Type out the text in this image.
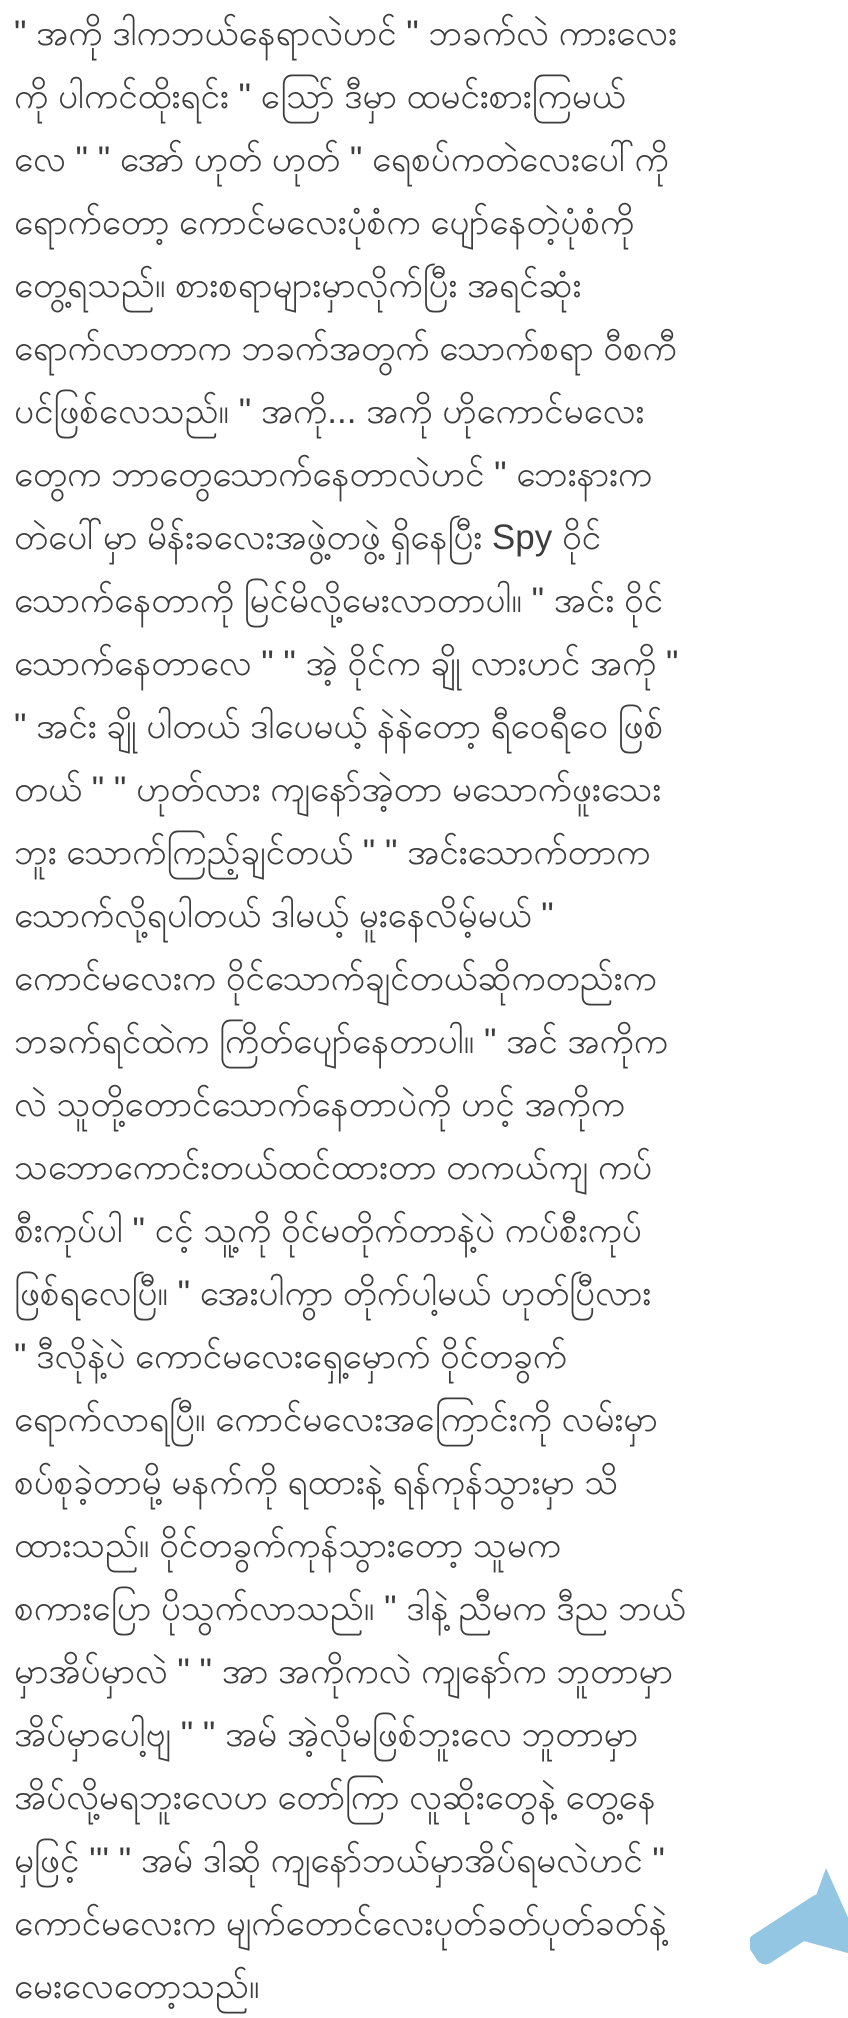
" အကို ဒါကဘယ်နေရာလဲဟင် " ဘခက်လဲ ကားလေး
ကို ပါကင်ထိုးရင်း " ဩော် ဒီမှာ ထမင်းစားကြမယ်
လေ " " အော် ဟုတ် ဟုတ် " ရေစပ်ကတဲလေးပေါ်ကို
ရောက်တော့ ကောင်မလေးပုံစံက ပျော်နေတဲ့ပုံစံကို
တွေ့ရသည်။ စားစရာများမှာလိုက်ပြီး အရင်ဆုံး
ရောက်လာတာက ဘခက်အတွက် သောက်စရာ ဝီစကီ
ပင်ဖြစ်လေသည်။ " အကို... အကို ဟိုကောင်မလေး
တွေက ဘာတွေသောက်နေတာလဲဟင် " ဘေးနားက
တဲပေါ်မှာ မိန်းခလေးအဖွဲ့တဖွဲ့ ရှိနေပြီး Spy ဝိုင်
သောက်နေတာကို မြင်မိလို့မေးလာတာပါ။ " အင်း ဝိုင်
သောက်နေတာလေ " " အဲ့ ဝိုင်က ချို လားဟင် အကို "
" အင်း ချို ပါတယ် ဒါပေမယ့် နဲနဲတော့ ရီဝေရီဝေ ဖြစ်
တယ် " " ဟုတ်လား ကျနော်အဲ့တာ မသောက်ဖူးသေး
ဘူး သောက်ကြည့်ချင်တယ် " " အင်းသောက်တာက
သောက်လို့ရပါတယ် ဒါမယ့် မူးနေလိမ့်မယ် "
ကောင်မလေးက ဝိုင်သောက်ချင်တယ်ဆိုကတည်းက
ဘခက်ရင်ထဲက ကြိတ်ပျော်နေတာပါ။ " အင် အကိုက
လဲ သူတို့တောင်သောက်နေတာပဲကို ဟင့် အကိုက
သဘောကောင်းတယ်ထင်ထားတာ တကယ်ကျ ကပ်
စီးကုပ်ပါ " ငင့် သူ့ကို ဝိုင်မတိုက်တာနဲ့ပဲ ကပ်စီးကုပ်
ဖြစ်ရလေပြီ။ " အေးပါကွာ တိုက်ပါ့မယ် ဟုတ်ပြီလား
" ဒီလိုနဲ့ပဲ ကောင်မလေးရှေ့မှောက် ဝိုင်တခွက်
ရောက်လာရပြီ။ ကောင်မလေးအကြောင်းကို လမ်းမှာ
စပ်စုခဲ့တာမို့ မနက်ကို ရထားနဲ့ ရန်ကုန်သွားမှာ သိ
ထားသည်။ ဝိုင်တခွက်ကုန်သွားတော့ သူမက
စကားပြော ပိုသွက်လာသည်။ " ဒါနဲ့ ညီမက ဒီည ဘယ်
မှာအိပ်မှာလဲ " " အာ အကိုကလဲ ကျနော်က ဘူတာမှာ
အိပ်မှာပေါ့ဗျ " " အမ် အဲ့လိုမဖြစ်ဘူးလေ ဘူတာမှာ
အိပ်လို့မရဘူးလေဟ တော်ကြာ လူဆိုးတွေနဲ့ တွေ့နေ
မှဖြင့် ''' " အမ် ဒါဆို ကျနော်ဘယ်မှာအိပ်ရမလဲဟင် "
ကောင်မလေးက မျက်တောင်လေးပုတ်ခတ်ပုတ်ခတ်နဲ့
မေးလေတော့သည်။
